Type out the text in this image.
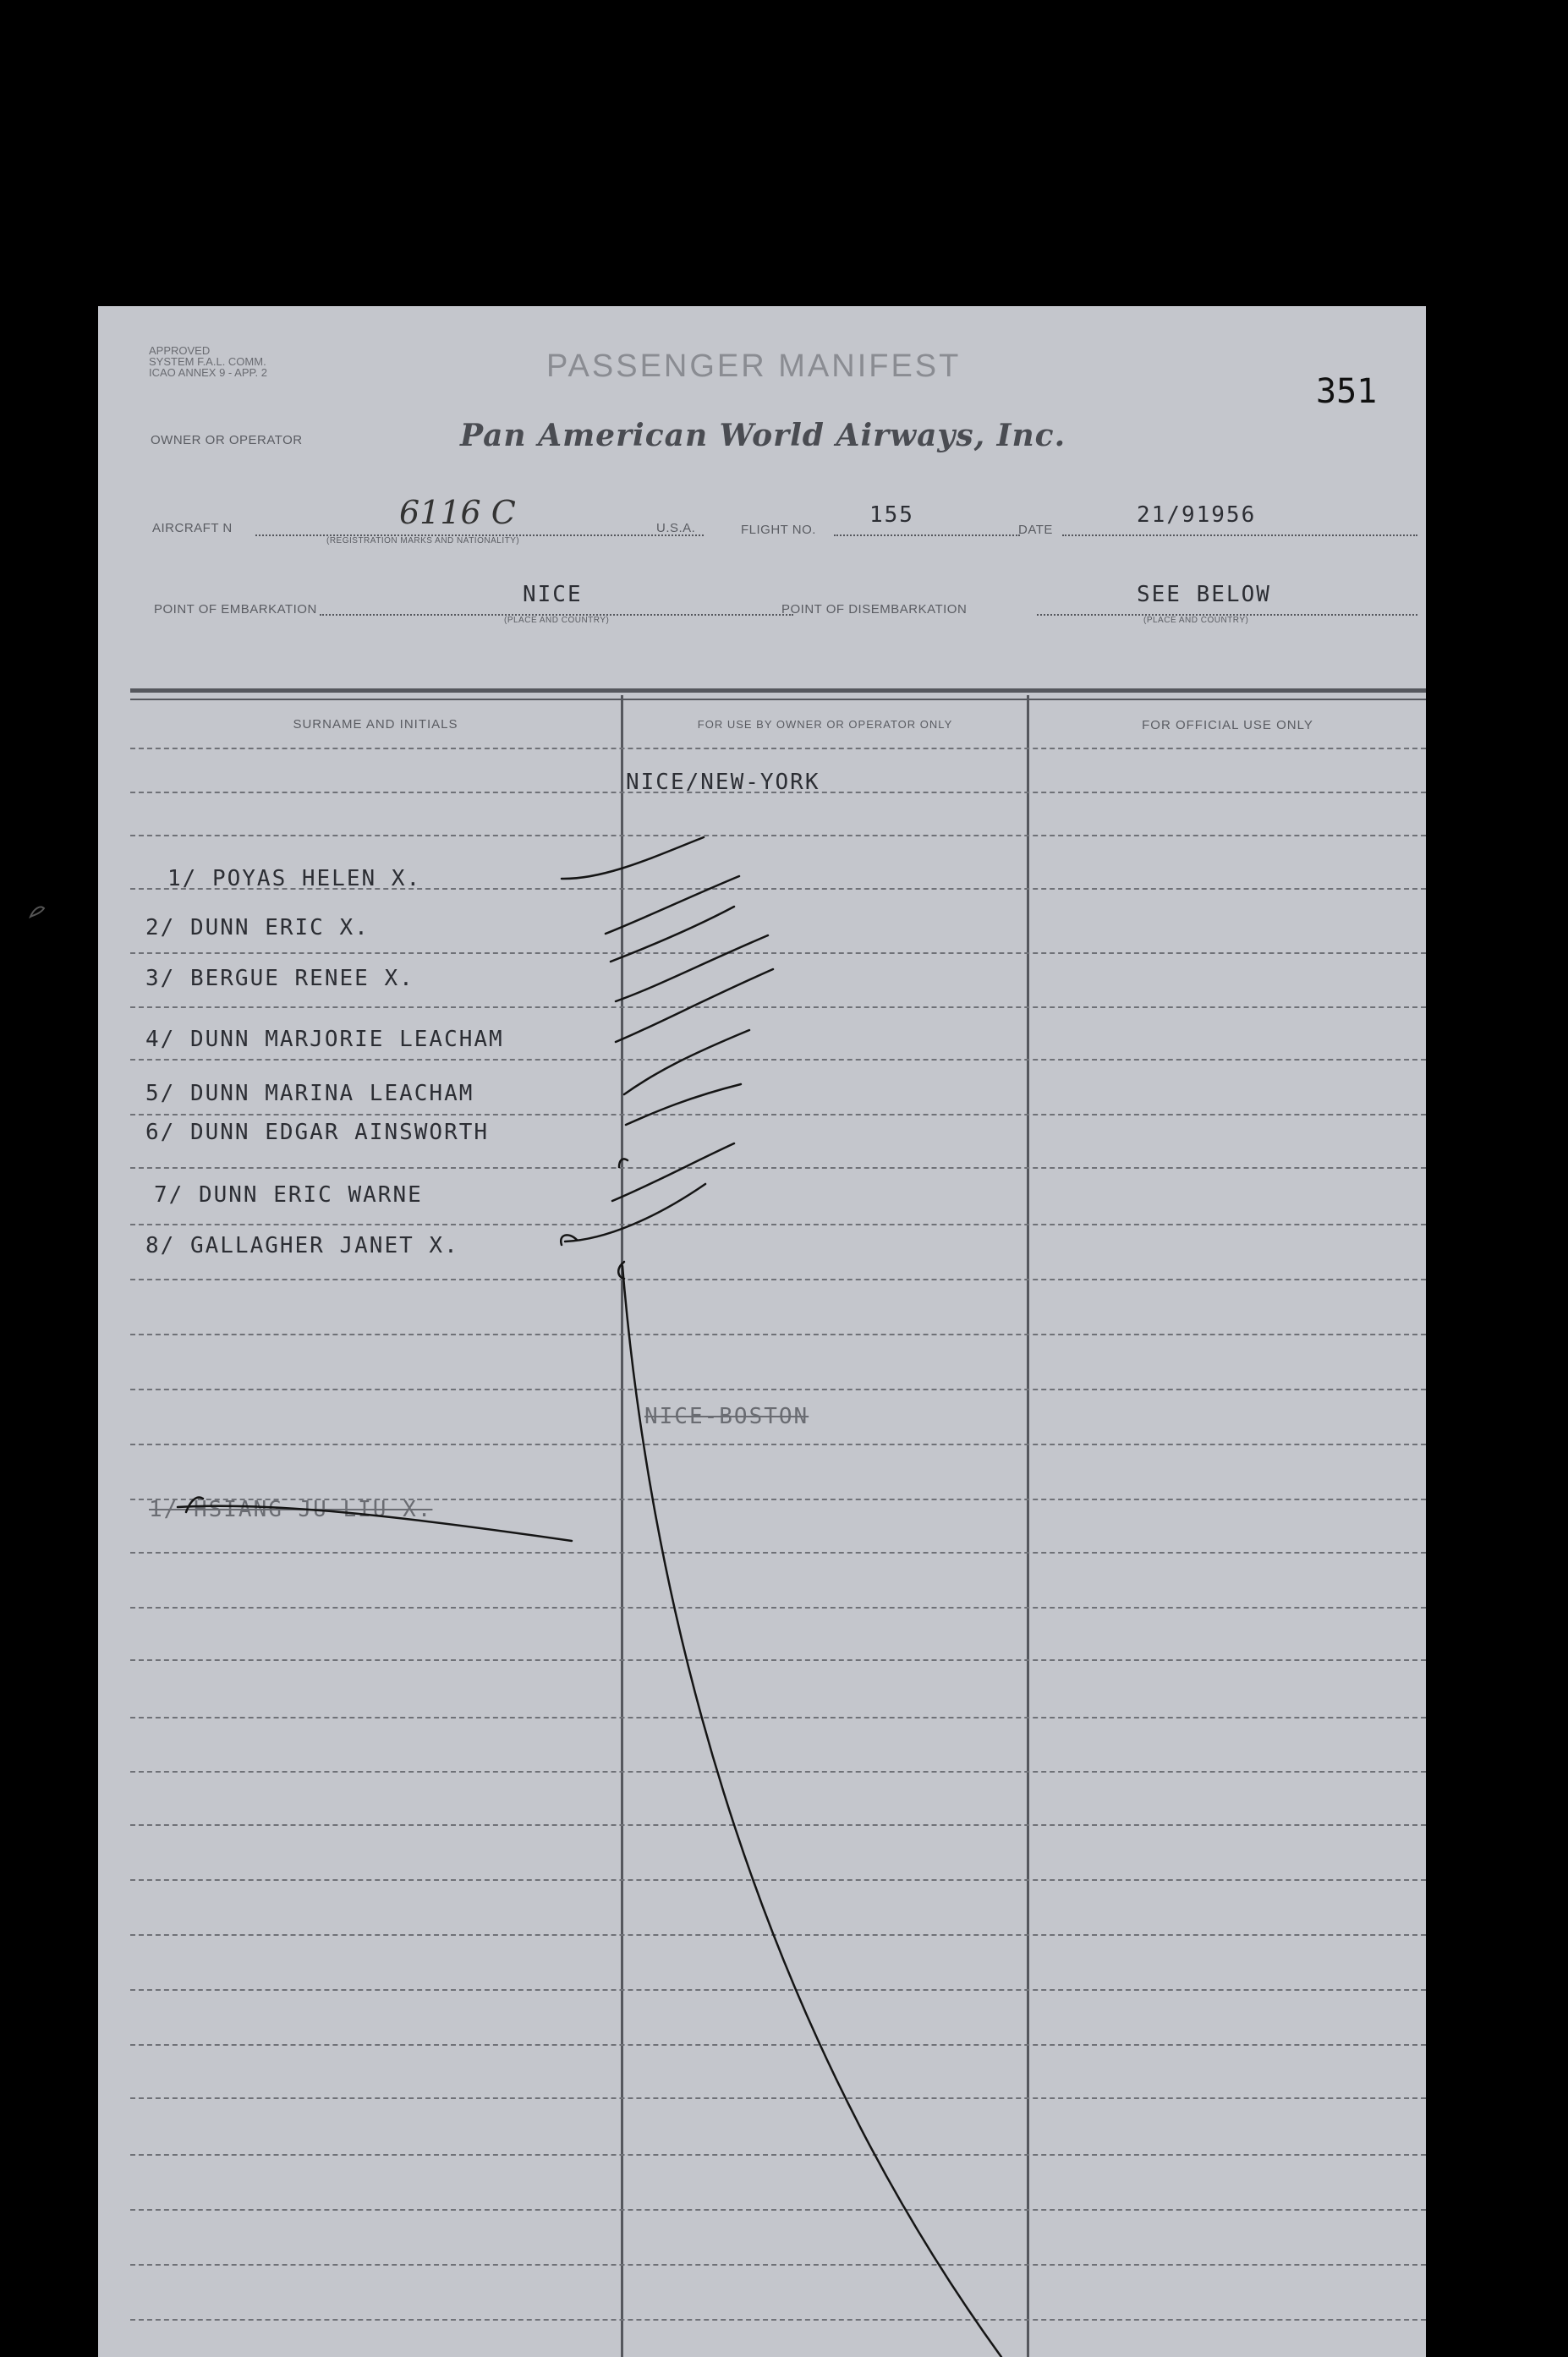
APPROVED
SYSTEM F.A.L. COMM.
ICAO ANNEX 9 - APP. 2	PASSENGER MANIFEST
351
OWNER OR OPERATOR	Pan American World Airways, Inc.
AIRCRAFT N	6116 C
(REGISTRATION MARKS AND NATIONALITY)
U.S.A.	FLIGHT NO.
155
DATE
21/91956
POINT OF EMBARKATION
NICE
(PLACE AND COUNTRY)
POINT OF DISEMBARKATION
SEE BELOW
(PLACE AND COUNTRY)
SURNAME AND INITIALS	FOR USE BY OWNER OR OPERATOR ONLY	FOR OFFICIAL USE ONLY
NICE/NEW-YORK
NICE-BOSTON
1/ POYAS HELEN X.
2/ DUNN ERIC X.
3/ BERGUE RENEE X.
4/ DUNN MARJORIE LEACHAM
5/ DUNN MARINA LEACHAM
6/ DUNN EDGAR AINSWORTH
7/ DUNN ERIC WARNE
8/ GALLAGHER JANET X.
1/ HSIANG JU LIU X.
